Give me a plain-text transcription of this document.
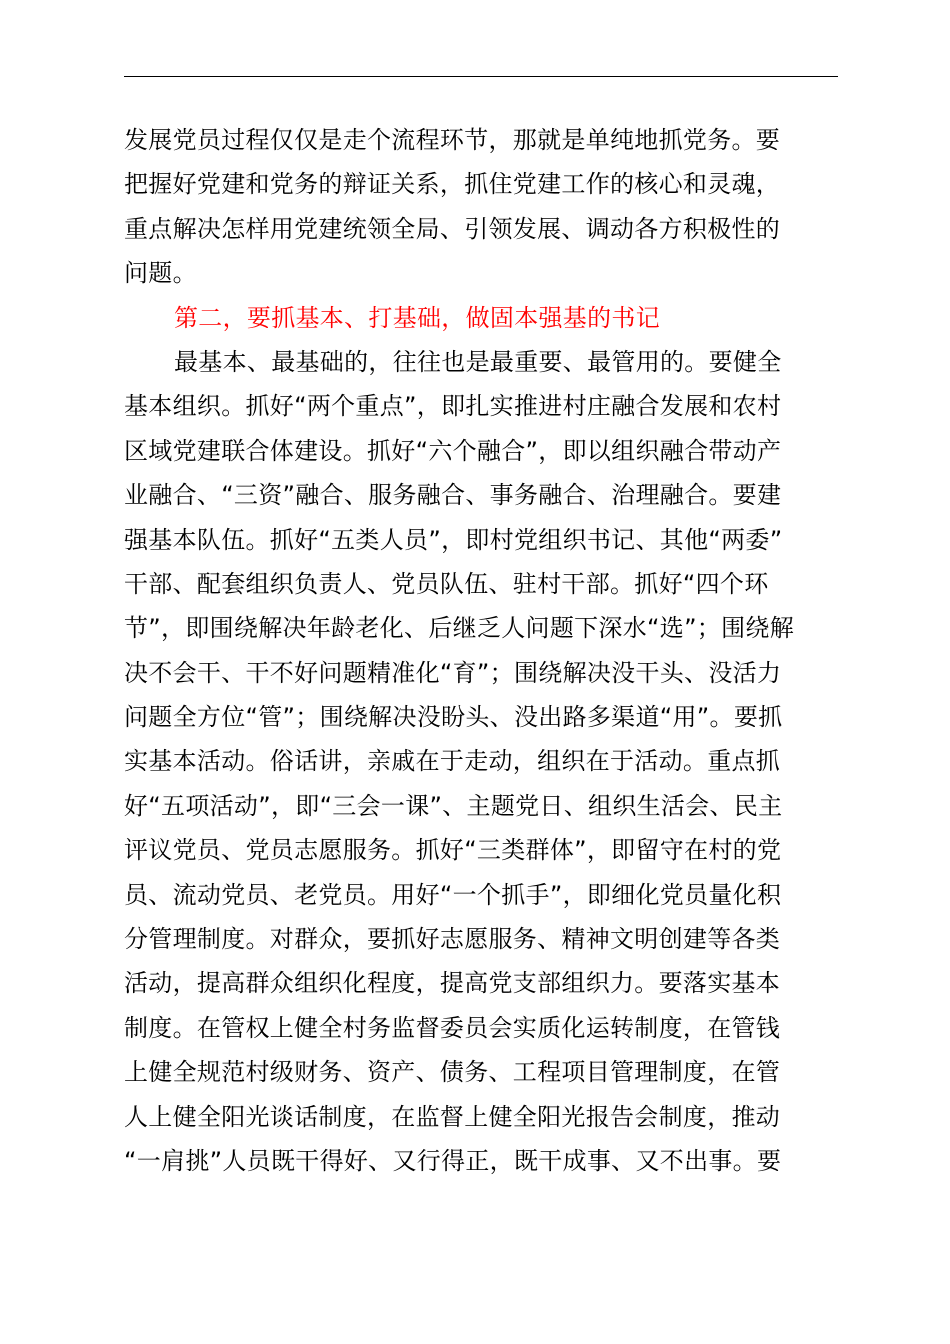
发展党员过程仅仅是走个流程环节，那就是单纯地抓党务。要
把握好党建和党务的辩证关系，抓住党建工作的核心和灵魂，
重点解决怎样用党建统领全局、引领发展、调动各方积极性的
问题。
第二，要抓基本、打基础，做固本强基的书记
最基本、最基础的，往往也是最重要、最管用的。要健全
基本组织。抓好“两个重点”，即扎实推进村庄融合发展和农村
区域党建联合体建设。抓好“六个融合”，即以组织融合带动产
业融合、“三资”融合、服务融合、事务融合、治理融合。要建
强基本队伍。抓好“五类人员”，即村党组织书记、其他“两委”
干部、配套组织负责人、党员队伍、驻村干部。抓好“四个环
节”，即围绕解决年龄老化、后继乏人问题下深水“选”；围绕解
决不会干、干不好问题精准化“育”；围绕解决没干头、没活力
问题全方位“管”；围绕解决没盼头、没出路多渠道“用”。要抓
实基本活动。俗话讲，亲戚在于走动，组织在于活动。重点抓
好“五项活动”，即“三会一课”、主题党日、组织生活会、民主
评议党员、党员志愿服务。抓好“三类群体”，即留守在村的党
员、流动党员、老党员。用好“一个抓手”，即细化党员量化积
分管理制度。对群众，要抓好志愿服务、精神文明创建等各类
活动，提高群众组织化程度，提高党支部组织力。要落实基本
制度。在管权上健全村务监督委员会实质化运转制度，在管钱
上健全规范村级财务、资产、债务、工程项目管理制度，在管
人上健全阳光谈话制度，在监督上健全阳光报告会制度，推动
“一肩挑”人员既干得好、又行得正，既干成事、又不出事。要
